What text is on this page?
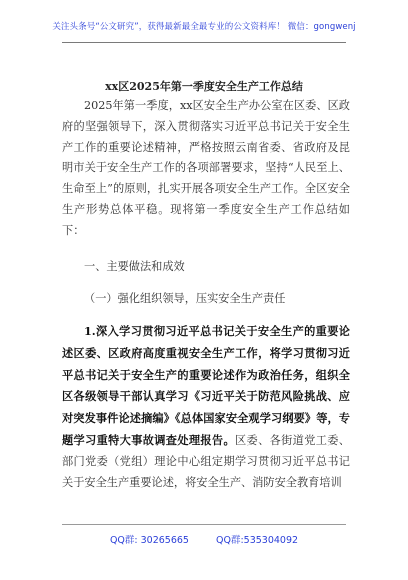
关注头条号“公文研究”，获得最新最全最专业的公文资料库！ 微信：gongwenj
xx区2025年第一季度安全生产工作总结
2025年第一季度，xx区安全生产办公室在区委、区政府的坚强领导下，深入贯彻落实习近平总书记关于安全生产工作的重要论述精神，严格按照云南省委、省政府及昆明市关于安全生产工作的各项部署要求，坚持“人民至上、生命至上”的原则，扎实开展各项安全生产工作。全区安全生产形势总体平稳。现将第一季度安全生产工作总结如下：
一、主要做法和成效
（一）强化组织领导，压实安全生产责任
1.深入学习贯彻习近平总书记关于安全生产的重要论述区委、区政府高度重视安全生产工作，将学习贯彻习近平总书记关于安全生产的重要论述作为政治任务，组织全区各级领导干部认真学习《习近平关于防范风险挑战、应对突发事件论述摘编》《总体国家安全观学习纲要》等，专题学习重特大事故调查处理报告。区委、各街道党工委、部门党委（党组）理论中心组定期学习贯彻习近平总书记关于安全生产重要论述，将安全生产、消防安全教育培训
QQ群: 30265665	QQ群:535304092
